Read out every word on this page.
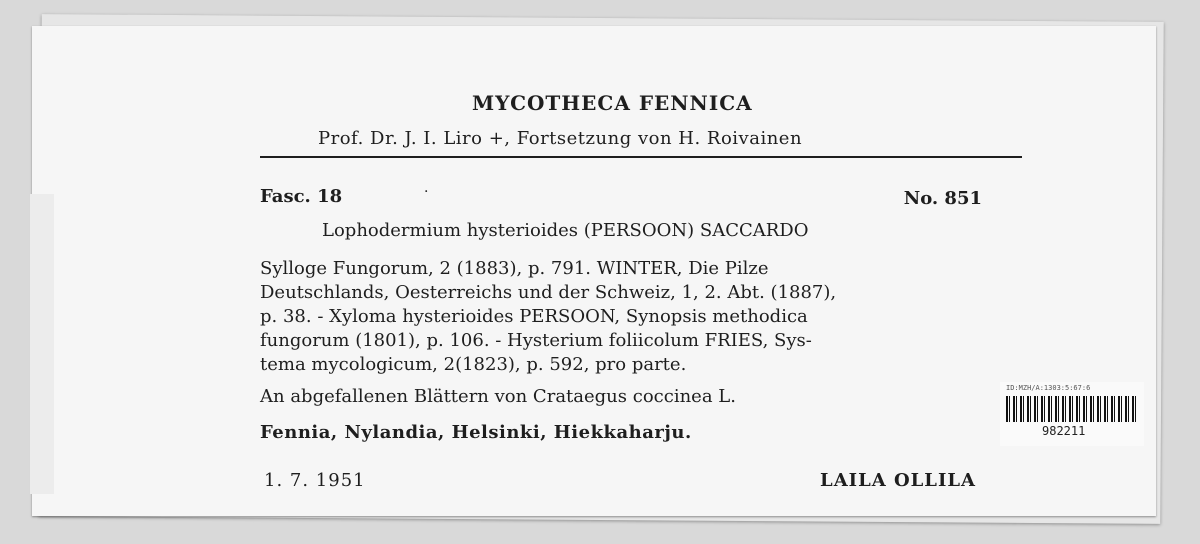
MYCOTHECA FENNICA
Prof. Dr. J. I. Liro +, Fortsetzung von H. Roivainen
Fasc. 18	·	No. 851
Lophodermium hysterioides (PERSOON) SACCARDO
Sylloge Fungorum, 2 (1883), p. 791. WINTER, Die Pilze
Deutschlands, Oesterreichs und der Schweiz, 1, 2. Abt. (1887),
p. 38. - Xyloma hysterioides PERSOON, Synopsis methodica
fungorum (1801), p. 106. - Hysterium foliicolum FRIES, Sys-
tema mycologicum, 2(1823), p. 592, pro parte.
An abgefallenen Blättern von Crataegus coccinea L.
Fennia, Nylandia, Helsinki, Hiekkaharju.
1. 7. 1951	LAILA OLLILA
ID:MZH/A:1303:5:67:6
982211
